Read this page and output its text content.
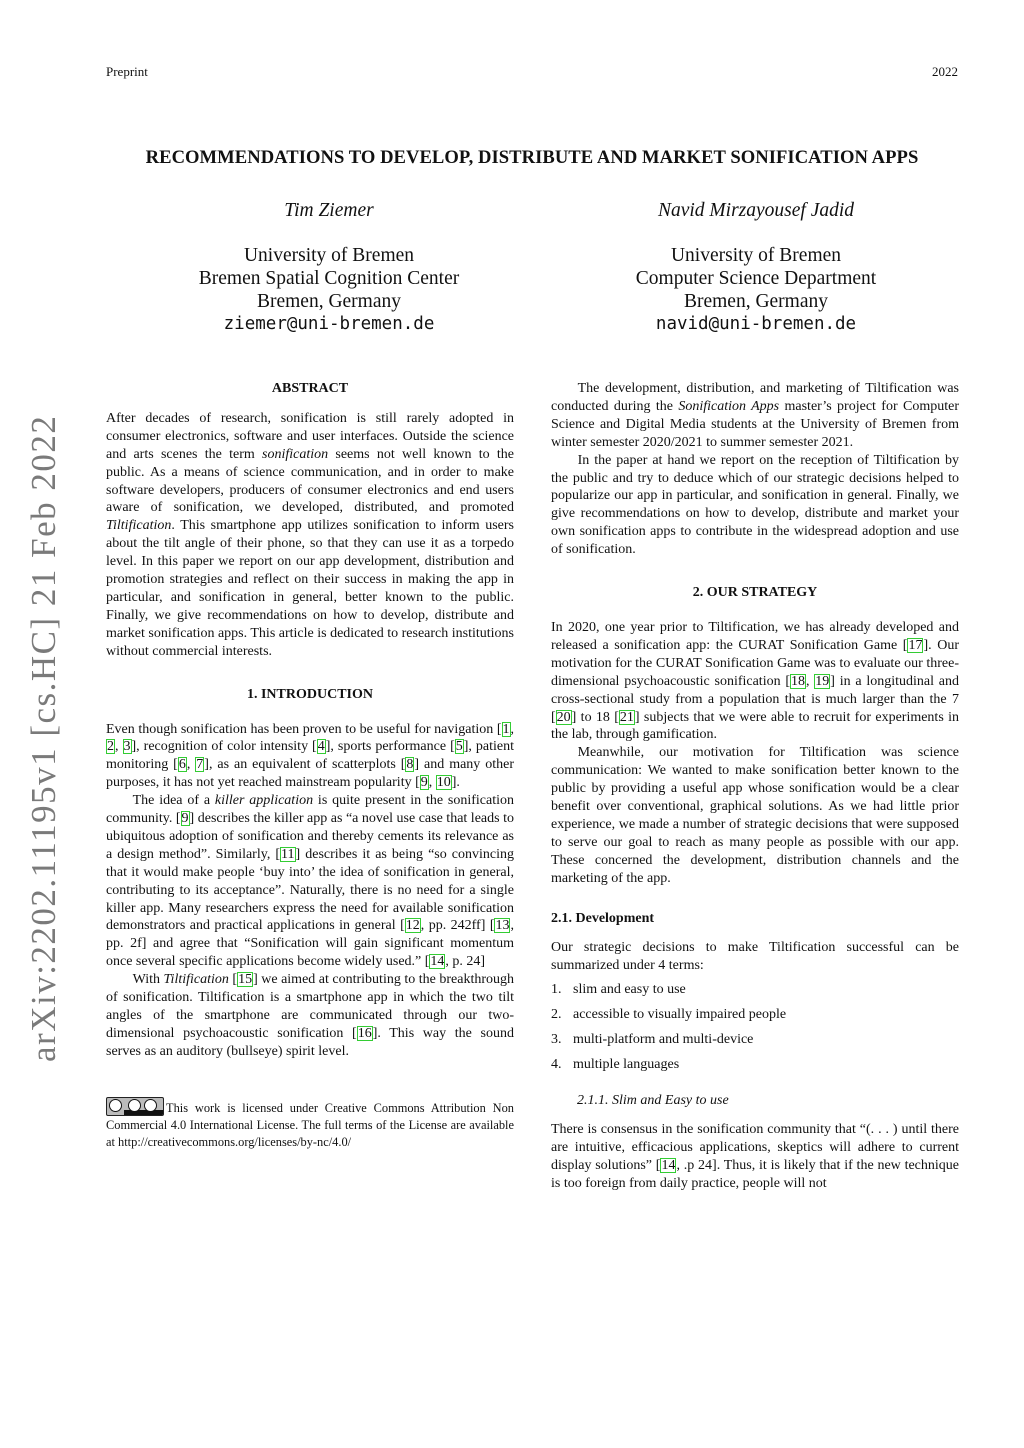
Preprint	2022
arXiv:2202.11195v1 [cs.HC] 21 Feb 2022
RECOMMENDATIONS TO DEVELOP, DISTRIBUTE AND MARKET SONIFICATION APPS
Tim Ziemer
University of Bremen
Bremen Spatial Cognition Center
Bremen, Germany
ziemer@uni-bremen.de
Navid Mirzayousef Jadid
University of Bremen
Computer Science Department
Bremen, Germany
navid@uni-bremen.de
ABSTRACT

After decades of research, sonification is still rarely adopted in consumer electronics, software and user interfaces. Outside the science and arts scenes the term sonification seems not well known to the public. As a means of science communication, and in order to make software developers, producers of consumer electronics and end users aware of sonification, we developed, distributed, and promoted Tiltification. This smartphone app utilizes sonification to inform users about the tilt angle of their phone, so that they can use it as a torpedo level. In this paper we report on our app development, distribution and promotion strategies and reflect on their success in making the app in particular, and sonification in general, better known to the public. Finally, we give recommendations on how to develop, distribute and market sonification apps. This article is dedicated to research institutions without commercial interests.

1. INTRODUCTION

Even though sonification has been proven to be useful for navigation [1, 2, 3], recognition of color intensity [4], sports performance [5], patient monitoring [6, 7], as an equivalent of scatterplots [8] and many other purposes, it has not yet reached mainstream popularity [9, 10].

The idea of a killer application is quite present in the sonification community. [9] describes the killer app as “a novel use case that leads to ubiquitous adoption of sonification and thereby cements its relevance as a design method”. Similarly, [11] describes it as being “so convincing that it would make people ‘buy into’ the idea of sonification in general, contributing to its acceptance”. Naturally, there is no need for a single killer app. Many researchers express the need for available sonification demonstrators and practical applications in general [12, pp. 242ff] [13, pp. 2f] and agree that “Sonification will gain significant momentum once several specific applications become widely used.” [14, p. 24]

With Tiltification [15] we aimed at contributing to the breakthrough of sonification. Tiltification is a smartphone app in which the two tilt angles of the smartphone are communicated through our two-dimensional psychoacoustic sonification [16]. This way the sound serves as an auditory (bullseye) spirit level.

This work is licensed under Creative Commons Attribution Non Commercial 4.0 International License. The full terms of the License are available at http://creativecommons.org/licenses/by-nc/4.0/

The development, distribution, and marketing of Tiltification was conducted during the Sonification Apps master’s project for Computer Science and Digital Media students at the University of Bremen from winter semester 2020/2021 to summer semester 2021.

In the paper at hand we report on the reception of Tiltification by the public and try to deduce which of our strategic decisions helped to popularize our app in particular, and sonification in general. Finally, we give recommendations on how to develop, distribute and market your own sonification apps to contribute in the widespread adoption and use of sonification.

2. OUR STRATEGY

In 2020, one year prior to Tiltification, we has already developed and released a sonification app: the CURAT Sonification Game [17]. Our motivation for the CURAT Sonification Game was to evaluate our three-dimensional psychoacoustic sonification [18, 19] in a longitudinal and cross-sectional study from a population that is much larger than the 7 [20] to 18 [21] subjects that we were able to recruit for experiments in the lab, through gamification.

Meanwhile, our motivation for Tiltification was science communication: We wanted to make sonification better known to the public by providing a useful app whose sonification would be a clear benefit over conventional, graphical solutions. As we had little prior experience, we made a number of strategic decisions that were supposed to serve our goal to reach as many people as possible with our app. These concerned the development, distribution channels and the marketing of the app.

2.1. Development

Our strategic decisions to make Tiltification successful can be summarized under 4 terms:

1. slim and easy to use
2. accessible to visually impaired people
3. multi-platform and multi-device
4. multiple languages
2.1.1. Slim and Easy to use

There is consensus in the sonification community that “(. . . ) until there are intuitive, efficacious applications, skeptics will adhere to current display solutions” [14, .p 24]. Thus, it is likely that if the new technique is too foreign from daily practice, people will not
